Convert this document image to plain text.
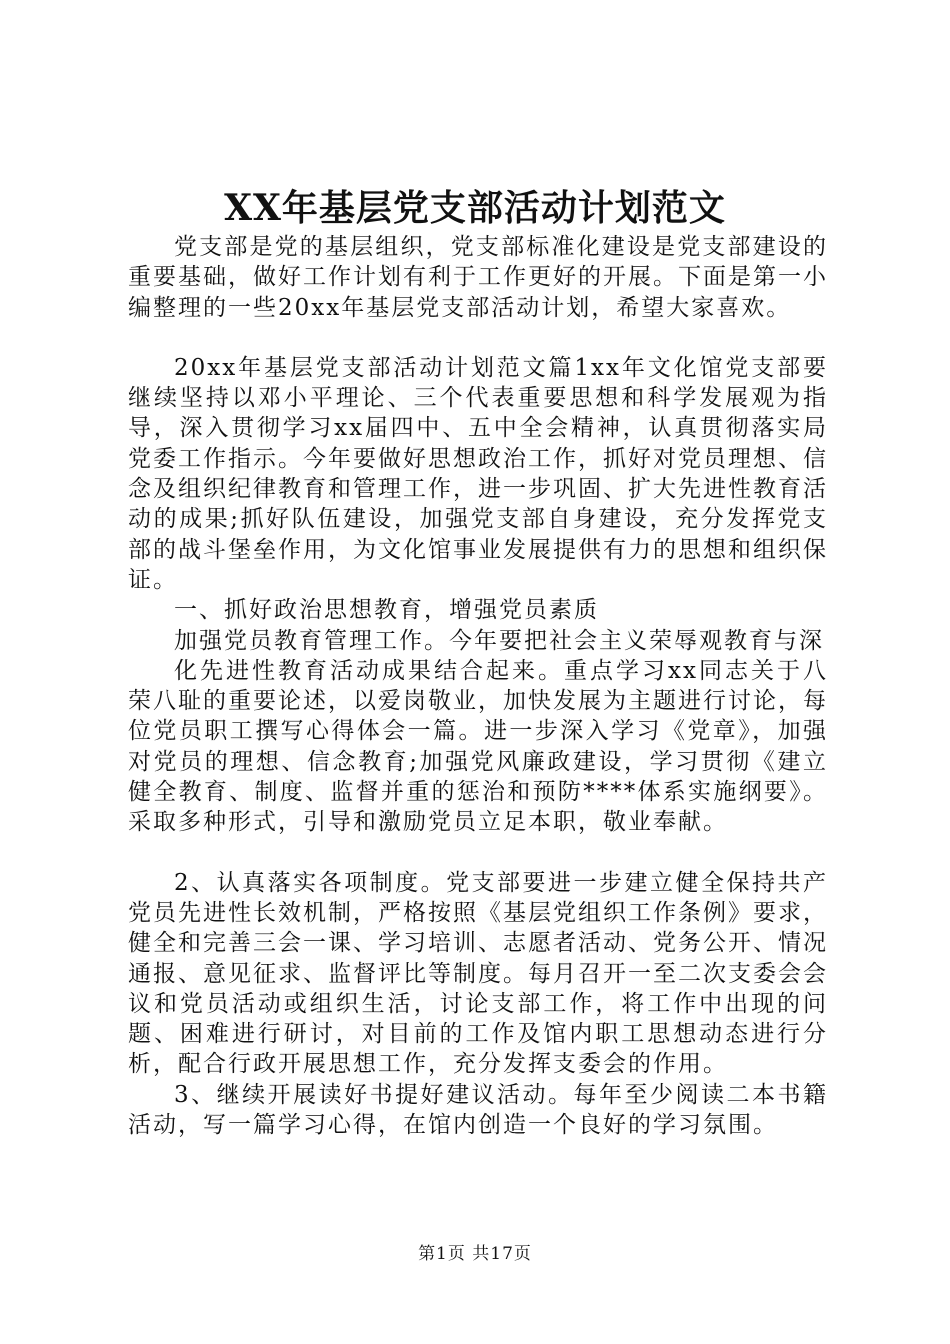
XX年基层党支部活动计划范文

党支部是党的基层组织，党支部标准化建设是党支部建设的重要基础，做好工作计划有利于工作更好的开展。下面是第一小编整理的一些20xx年基层党支部活动计划，希望大家喜欢。

20xx年基层党支部活动计划范文篇1xx年文化馆党支部要继续坚持以邓小平理论、三个代表重要思想和科学发展观为指导，深入贯彻学习xx届四中、五中全会精神，认真贯彻落实局党委工作指示。今年要做好思想政治工作，抓好对党员理想、信念及组织纪律教育和管理工作，进一步巩固、扩大先进性教育活动的成果;抓好队伍建设，加强党支部自身建设，充分发挥党支部的战斗堡垒作用，为文化馆事业发展提供有力的思想和组织保证。

一、抓好政治思想教育，增强党员素质

加强党员教育管理工作。今年要把社会主义荣辱观教育与深

化先进性教育活动成果结合起来。重点学习xx同志关于八荣八耻的重要论述，以爱岗敬业，加快发展为主题进行讨论，每位党员职工撰写心得体会一篇。进一步深入学习《党章》，加强对党员的理想、信念教育;加强党风廉政建设，学习贯彻《建立健全教育、制度、监督并重的惩治和预防****体系实施纲要》。采取多种形式，引导和激励党员立足本职，敬业奉献。

2、认真落实各项制度。党支部要进一步建立健全保持共产党员先进性长效机制，严格按照《基层党组织工作条例》要求，健全和完善三会一课、学习培训、志愿者活动、党务公开、情况通报、意见征求、监督评比等制度。每月召开一至二次支委会会议和党员活动或组织生活，讨论支部工作，将工作中出现的问题、困难进行研讨，对目前的工作及馆内职工思想动态进行分析，配合行政开展思想工作，充分发挥支委会的作用。

3、继续开展读好书提好建议活动。每年至少阅读二本书籍活动，写一篇学习心得，在馆内创造一个良好的学习氛围。

第1页 共17页
